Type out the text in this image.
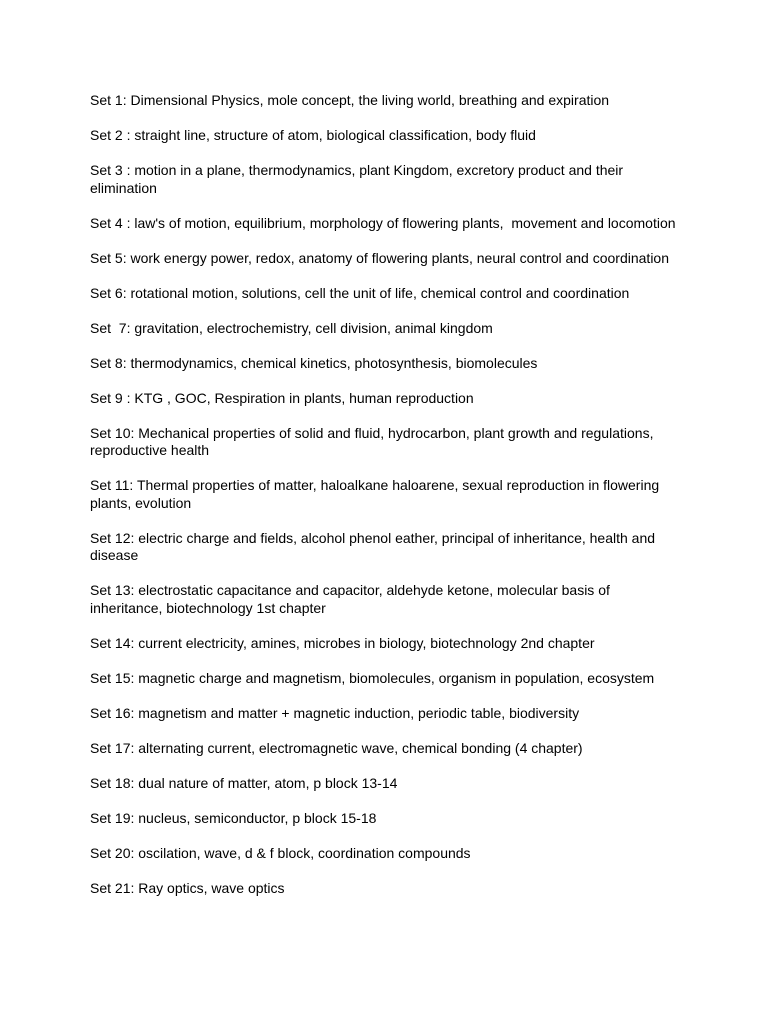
Set 1: Dimensional Physics, mole concept, the living world, breathing and expiration

Set 2 : straight line, structure of atom, biological classification, body fluid

Set 3 : motion in a plane, thermodynamics, plant Kingdom, excretory product and their elimination

Set 4 : law's of motion, equilibrium, morphology of flowering plants,  movement and locomotion

Set 5: work energy power, redox, anatomy of flowering plants, neural control and coordination

Set 6: rotational motion, solutions, cell the unit of life, chemical control and coordination

Set  7: gravitation, electrochemistry, cell division, animal kingdom

Set 8: thermodynamics, chemical kinetics, photosynthesis, biomolecules

Set 9 : KTG , GOC, Respiration in plants, human reproduction

Set 10: Mechanical properties of solid and fluid, hydrocarbon, plant growth and regulations, reproductive health

Set 11: Thermal properties of matter, haloalkane haloarene, sexual reproduction in flowering plants, evolution

Set 12: electric charge and fields, alcohol phenol eather, principal of inheritance, health and disease

Set 13: electrostatic capacitance and capacitor, aldehyde ketone, molecular basis of inheritance, biotechnology 1st chapter

Set 14: current electricity, amines, microbes in biology, biotechnology 2nd chapter

Set 15: magnetic charge and magnetism, biomolecules, organism in population, ecosystem

Set 16: magnetism and matter + magnetic induction, periodic table, biodiversity

Set 17: alternating current, electromagnetic wave, chemical bonding (4 chapter)

Set 18: dual nature of matter, atom, p block 13-14

Set 19: nucleus, semiconductor, p block 15-18

Set 20: oscilation, wave, d & f block, coordination compounds

Set 21: Ray optics, wave optics
